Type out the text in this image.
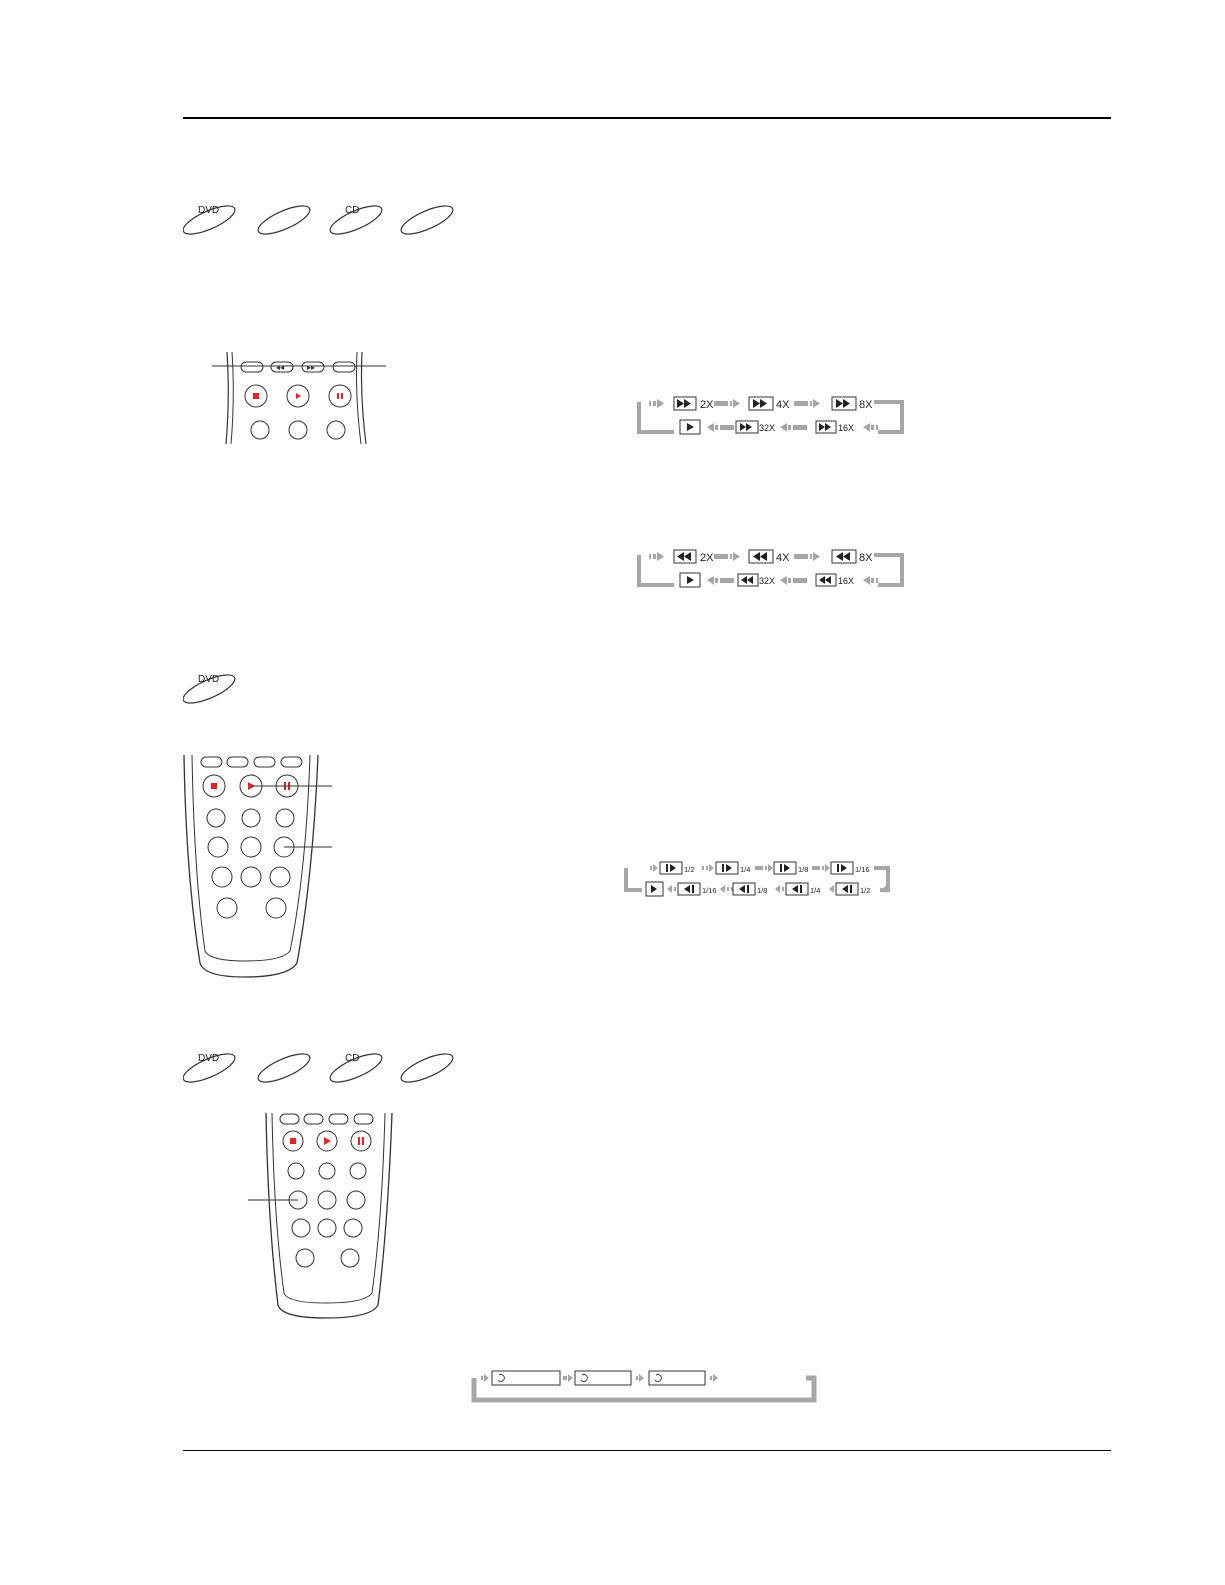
DVD	CD
◂◂	▸▸
2X	4X	8X
32X	16X
2X	4X	8X
32X	16X
DVD
1/2	1/4	1/8	1/16
1/16	1/8	1/4	1/2
DVD	CD
